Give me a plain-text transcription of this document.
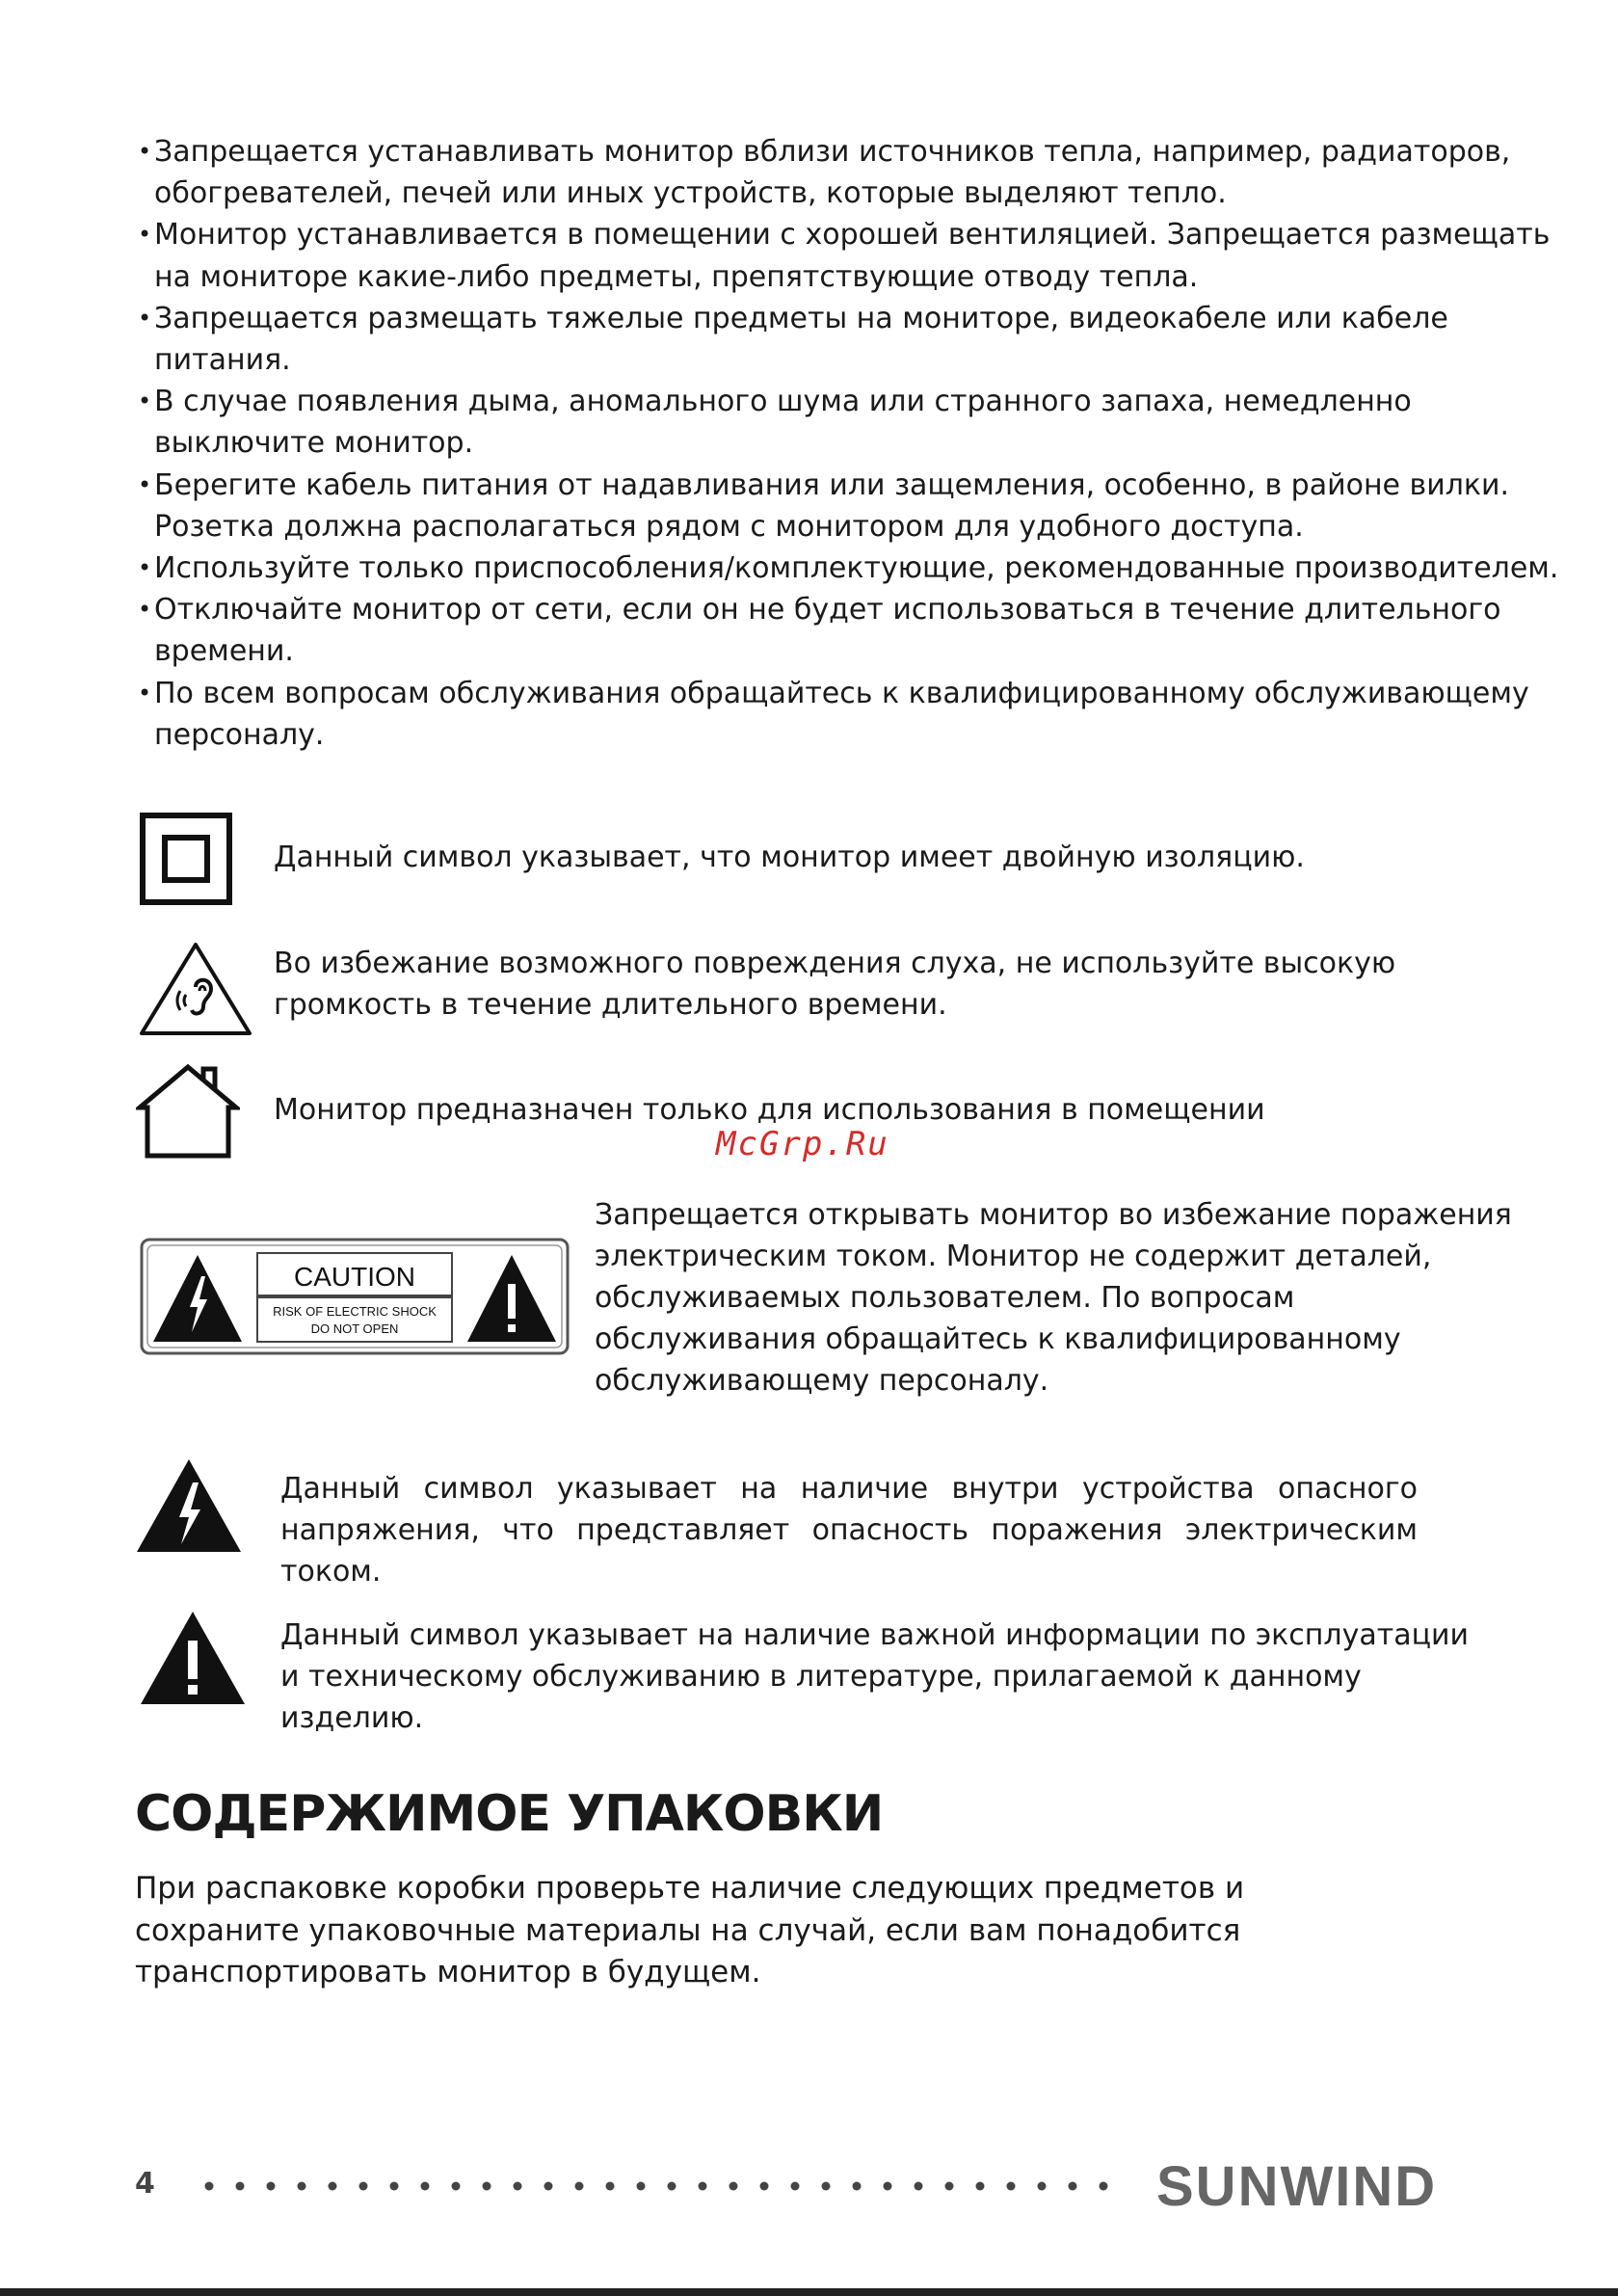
• Запрещается устанавливать монитор вблизи источников тепла, например, радиаторов, обогревателей, печей или иных устройств, которые выделяют тепло.
• Монитор устанавливается в помещении с хорошей вентиляцией. Запрещается размещать на мониторе какие-либо предметы, препятствующие отводу тепла.
• Запрещается размещать тяжелые предметы на мониторе, видеокабеле или кабеле питания.
• В случае появления дыма, аномального шума или странного запаха, немедленно выключите монитор.
• Берегите кабель питания от надавливания или защемления, особенно, в районе вилки. Розетка должна располагаться рядом с монитором для удобного доступа.
• Используйте только приспособления/комплектующие, рекомендованные производителем.
• Отключайте монитор от сети, если он не будет использоваться в течение длительного времени.
• По всем вопросам обслуживания обращайтесь к квалифицированному обслуживающему персоналу.
Данный символ указывает, что монитор имеет двойную изоляцию.
Во избежание возможного повреждения слуха, не используйте высокую громкость в течение длительного времени.
Монитор предназначен только для использования в помещении
McGrp.Ru
CAUTION
RISK OF ELECTRIC SHOCK
DO NOT OPEN
Запрещается открывать монитор во избежание поражения электрическим током. Монитор не содержит деталей, обслуживаемых пользователем. По вопросам обслуживания обращайтесь к квалифицированному обслуживающему персоналу.
Данный символ указывает на наличие внутри устройства опасного напряжения, что представляет опасность поражения электрическим током.
Данный символ указывает на наличие важной информации по эксплуатации и техническому обслуживанию в литературе, прилагаемой к данному изделию.
СОДЕРЖИМОЕ УПАКОВКИ

При распаковке коробки проверьте наличие следующих предметов и сохраните упаковочные материалы на случай, если вам понадобится транспортировать монитор в будущем.

4	SUNWIND
